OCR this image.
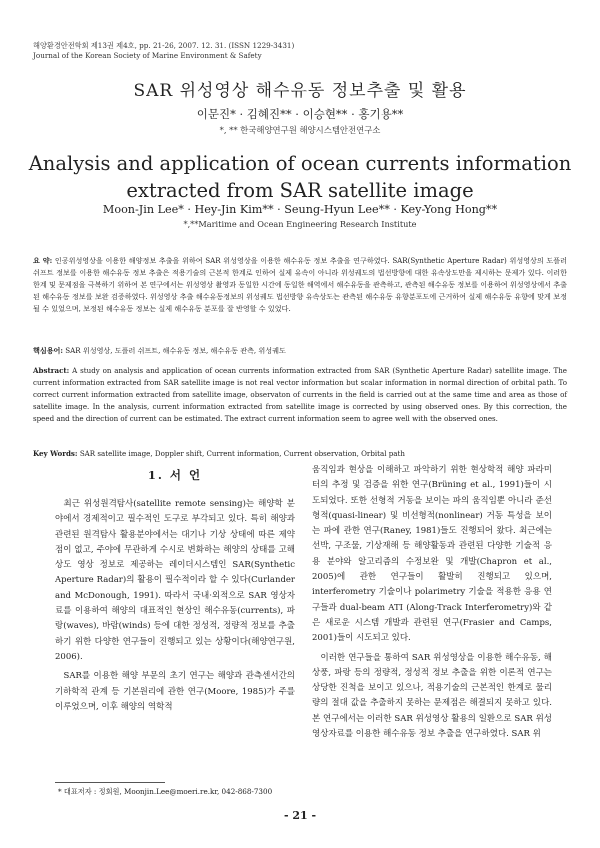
해양환경안전학회 제13권 제4호, pp. 21-26, 2007. 12. 31. (ISSN 1229-3431)
Journal of the Korean Society of Marine Environment & Safety
SAR 위성영상 해수유동 정보추출 및 활용
이문진* · 김혜진** · 이승현** · 홍기용**
*, ** 한국해양연구원 해양시스템안전연구소
Analysis and application of ocean currents information
extracted from SAR satellite image
Moon-Jin Lee* · Hey-Jin Kim** · Seung-Hyun Lee** · Key-Yong Hong**
*,**Maritime and Ocean Engineering Research Institute
요 약: 인공위성영상을 이용한 해양정보 추출을 위하여 SAR 위성영상을 이용한 해수유동 정보 추출을 연구하였다. SAR(Synthetic Aperture Radar) 위성영상의 도플러 쉬프트 정보를 이용한 해수유동 정보 추출은 적용기술의 근본적 한계로 인하여 실제 유속이 아니라 위성궤도의 법선방향에 대한 유속상도만을 제시하는 문제가 있다. 이러한 한계 및 문제점을 극복하기 위하여 본 연구에서는 위성영상 촬영과 동일한 시간에 동일한 해역에서 해수유동을 관측하고, 관측된 해수유동 정보를 이용하여 위성영상에서 추출된 해수유동 정보를 보완 검증하였다. 위성영상 추출 해수유동정보의 위성궤도 법선방향 유속상도는 관측된 해수유동 유향분포도에 근거하여 실제 해수유동 유향에 맞게 보정될 수 있었으며, 보정된 해수유동 정보는 실제 해수유동 분포를 잘 반영할 수 있었다.
핵심용어: SAR 위성영상, 도플러 쉬프트, 해수유동 정보, 해수유동 관측, 위성궤도
Abstract: A study on analysis and application of ocean currents information extracted from SAR (Synthetic Aperture Radar) satellite image. The current information extracted from SAR satellite image is not real vector information but scalar information in normal direction of orbital path. To correct current information extracted from satellite image, observaton of currents in the field is carried out at the same time and area as those of satellite image. In the analysis, current information extracted from satellite image is corrected by using observed ones. By this correction, the speed and the direction of current can be estimated. The extract current information seem to agree well with the observed ones.
Key Words: SAR satellite image, Doppler shift, Current information, Current observation, Orbital path
1. 서 언

최근 위성원격탐사(satellite remote sensing)는 해양학 분야에서 경제적이고 필수적인 도구로 부각되고 있다. 특히 해양과 관련된 원격탐사 활용분야에서는 대기나 기상 상태에 따른 제약점이 없고, 주야에 무관하게 수시로 변화하는 해양의 상태를 고해상도 영상 정보로 제공하는 레이더시스템인 SAR(Synthetic Aperture Radar)의 활용이 필수적이라 할 수 있다(Curlander and McDonough, 1991). 따라서 국내·외적으로 SAR 영상자료를 이용하여 해양의 대표적인 현상인 해수유동(currents), 파랑(waves), 바람(winds) 등에 대한 정성적, 정량적 정보를 추출하기 위한 다양한 연구들이 진행되고 있는 상황이다(해양연구원, 2006).

SAR를 이용한 해양 부문의 초기 연구는 해양과 관측센서간의 기하학적 관계 등 기본원리에 관한 연구(Moore, 1985)가 주를 이루었으며, 이후 해양의 역학적

움직임과 현상을 이해하고 파악하기 위한 현상학적 해양 파라미터의 추정 및 검증을 위한 연구(Brüning et al., 1991)들이 시도되었다. 또한 선형적 거동을 보이는 파의 움직임뿐 아니라 준선형적(quasi-linear) 및 비선형적(nonlinear) 거동 특성을 보이는 파에 관한 연구(Raney, 1981)들도 진행되어 왔다. 최근에는 선박, 구조물, 기상재해 등 해양활동과 관련된 다양한 기술적 응용 분야와 알고리즘의 수정보완 및 개발(Chapron et al., 2005)에 관한 연구들이 활발히 진행되고 있으며, interferometry 기술이나 polarimetry 기술을 적용한 응용 연구들과 dual-beam ATI (Along-Track Interferometry)와 같은 새로운 시스템 개발과 관련된 연구(Frasier and Camps, 2001)들이 시도되고 있다.

이러한 연구들을 통하여 SAR 위성영상을 이용한 해수유동, 해상풍, 파랑 등의 정량적, 정성적 정보 추출을 위한 이론적 연구는 상당한 진척을 보이고 있으나, 적용기술의 근본적인 한계로 물리량의 절대 값을 추출하지 못하는 문제점은 해결되지 못하고 있다. 본 연구에서는 이러한 SAR 위성영상 활용의 일환으로 SAR 위성영상자료를 이용한 해수유동 정보 추출을 연구하였다. SAR 위

* 대표저자 : 정회원, Moonjin.Lee@moeri.re.kr, 042-868-7300
- 21 -
